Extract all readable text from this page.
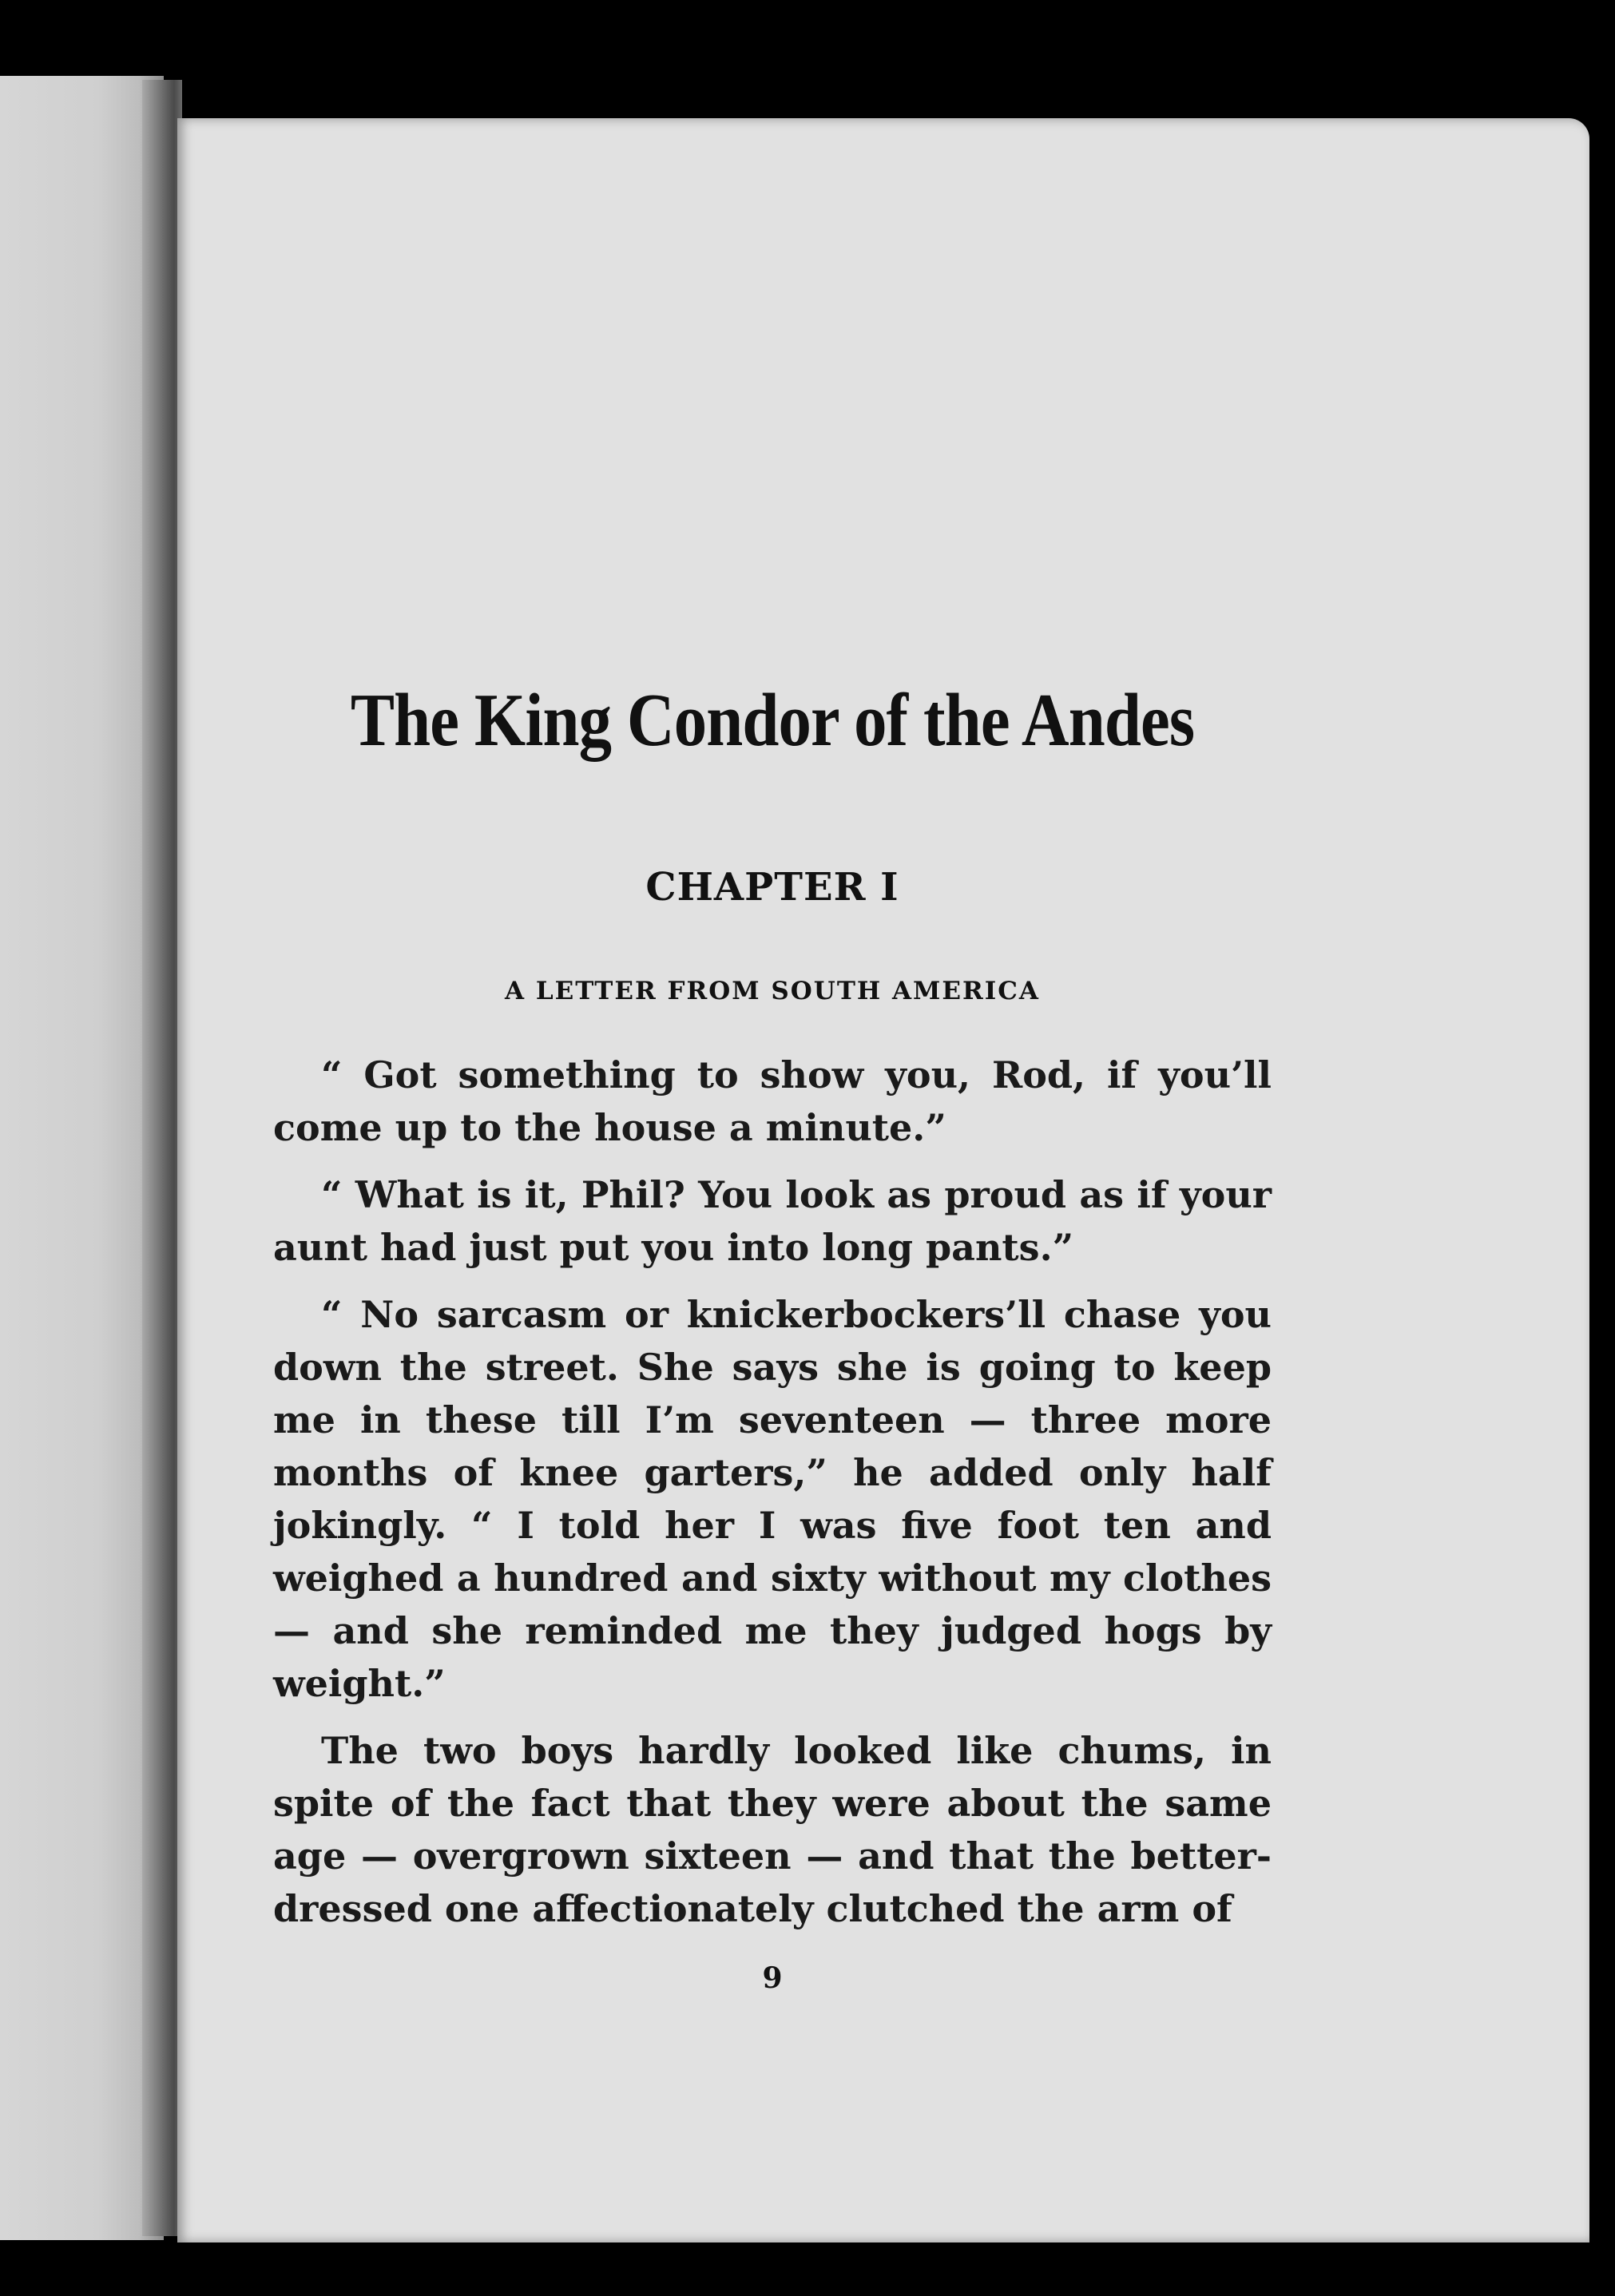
The King Condor of the Andes
CHAPTER I
A LETTER FROM SOUTH AMERICA

“ Got something to show you, Rod, if you’ll come up to the house a minute.”

“ What is it, Phil? You look as proud as if your aunt had just put you into long pants.”

“ No sarcasm or knickerbockers’ll chase you down the street. She says she is going to keep me in these till I’m seventeen — three more months of knee garters,” he added only half jokingly. “ I told her I was five foot ten and weighed a hundred and sixty without my clothes — and she reminded me they judged hogs by weight.”

The two boys hardly looked like chums, in spite of the fact that they were about the same age — overgrown sixteen — and that the better-dressed one affectionately clutched the arm of

9
